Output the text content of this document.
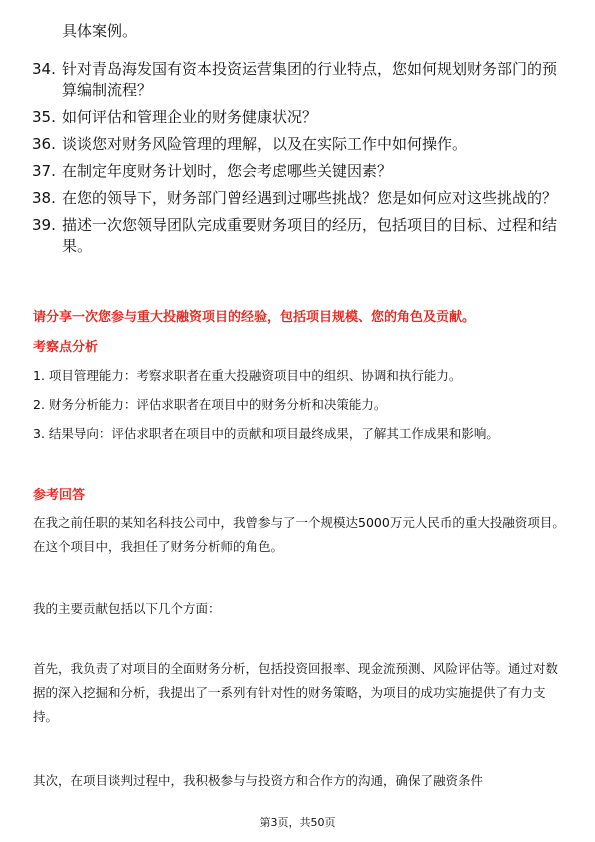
具体案例。

34. 针对青岛海发国有资本投资运营集团的行业特点，您如何规划财务部门的预算编制流程？
35. 如何评估和管理企业的财务健康状况？
36. 谈谈您对财务风险管理的理解，以及在实际工作中如何操作。
37. 在制定年度财务计划时，您会考虑哪些关键因素？
38. 在您的领导下，财务部门曾经遇到过哪些挑战？您是如何应对这些挑战的？
39. 描述一次您领导团队完成重要财务项目的经历，包括项目的目标、过程和结果。

请分享一次您参与重大投融资项目的经验，包括项目规模、您的角色及贡献。

考察点分析

1. 项目管理能力：考察求职者在重大投融资项目中的组织、协调和执行能力。
2. 财务分析能力：评估求职者在项目中的财务分析和决策能力。
3. 结果导向：评估求职者在项目中的贡献和项目最终成果，了解其工作成果和影响。

参考回答

在我之前任职的某知名科技公司中，我曾参与了一个规模达5000万元人民币的重大投融资项目。在这个项目中，我担任了财务分析师的角色。

我的主要贡献包括以下几个方面：

首先，我负责了对项目的全面财务分析，包括投资回报率、现金流预测、风险评估等。通过对数据的深入挖掘和分析，我提出了一系列有针对性的财务策略，为项目的成功实施提供了有力支持。

其次，在项目谈判过程中，我积极参与与投资方和合作方的沟通，确保了融资条件

第3页，共50页
